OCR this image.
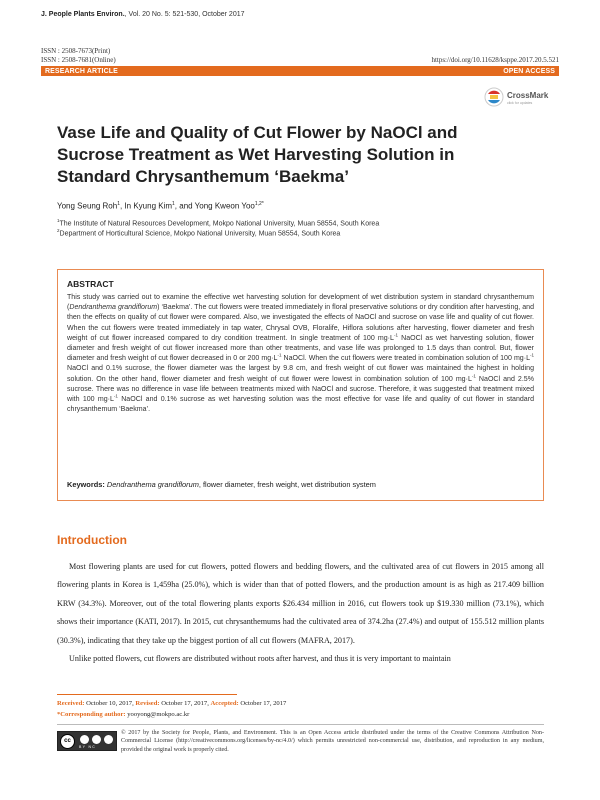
J. People Plants Environ., Vol. 20 No. 5: 521-530, October 2017
ISSN : 2508-7673(Print)
ISSN : 2508-7681(Online)	https://doi.org/10.11628/ksppe.2017.20.5.521
RESEARCH ARTICLE	OPEN ACCESS
CrossMark
click for updates
Vase Life and Quality of Cut Flower by NaOCl and Sucrose Treatment as Wet Harvesting Solution in Standard Chrysanthemum ‘Baekma’
Yong Seung Roh$^1$, In Kyung Kim$^1$, and Yong Kweon Yoo$^{1,2*}$
$^1$The Institute of Natural Resources Development, Mokpo National University, Muan 58554, South Korea
$^2$Department of Horticultural Science, Mokpo National University, Muan 58554, South Korea
ABSTRACT
This study was carried out to examine the effective wet harvesting solution for development of wet distribution system in standard chrysanthemum (Dendranthema grandiflorum) ‘Baekma’. The cut flowers were treated immediately in floral preservative solutions or dry condition after harvesting, and then the effects on quality of cut flower were compared. Also, we investigated the effects of NaOCl and sucrose on vase life and quality of cut flower. When the cut flowers were treated immediately in tap water, Chrysal OVB, Floralife, Hiflora solutions after harvesting, flower diameter and fresh weight of cut flower increased compared to dry condition treatment. In single treatment of 100 $mg\cdot L^{-1}$ NaOCl as wet harvesting solution, flower diameter and fresh weight of cut flower increased more than other treatments, and vase life was prolonged to 1.5 days than control. But, flower diameter and fresh weight of cut flower decreased in 0 or 200 $mg\cdot L^{-1}$ NaOCl. When the cut flowers were treated in combination solution of 100 $mg\cdot L^{-1}$ NaOCl and 0.1% sucrose, the flower diameter was the largest by 9.8 cm, and fresh weight of cut flower was maintained the highest in holding solution. On the other hand, flower diameter and fresh weight of cut flower were lowest in combination solution of 100 $mg\cdot L^{-1}$ NaOCl and 2.5% sucrose. There was no difference in vase life between treatments mixed with NaOCl and sucrose. Therefore, it was suggested that treatment mixed with 100 $mg\cdot L^{-1}$ NaOCl and 0.1% sucrose as wet harvesting solution was the most effective for vase life and quality of cut flower in standard chrysanthemum ‘Baekma’.
Keywords: Dendranthema grandiflorum, flower diameter, fresh weight, wet distribution system
Introduction

Most flowering plants are used for cut flowers, potted flowers and bedding flowers, and the cultivated area of cut flowers in 2015 among all flowering plants in Korea is 1,459ha (25.0%), which is wider than that of potted flowers, and the production amount is as high as 217.409 billion KRW (34.3%). Moreover, out of the total flowering plants exports $26.434 million in 2016, cut flowers took up $19.330 million (73.1%), which shows their importance (KATI, 2017). In 2015, cut chrysanthemums had the cultivated area of 374.2ha (27.4%) and output of 155.512 million plants (30.3%), indicating that they take up the biggest portion of all cut flowers (MAFRA, 2017).

Unlike potted flowers, cut flowers are distributed without roots after harvest, and thus it is very important to maintain

Received: October 10, 2017, Revised: October 17, 2017, Accepted: October 17, 2017
*Corresponding author: yooyong@mokpo.ac.kr
cc
BY NC
© 2017 by the Society for People, Plants, and Environment. This is an Open Access article distributed under the terms of the Creative Commons Attribution Non-Commercial License (http://creativecommons.org/licenses/by-nc/4.0/) which permits unrestricted non-commercial use, distribution, and reproduction in any medium, provided the original work is properly cited.
